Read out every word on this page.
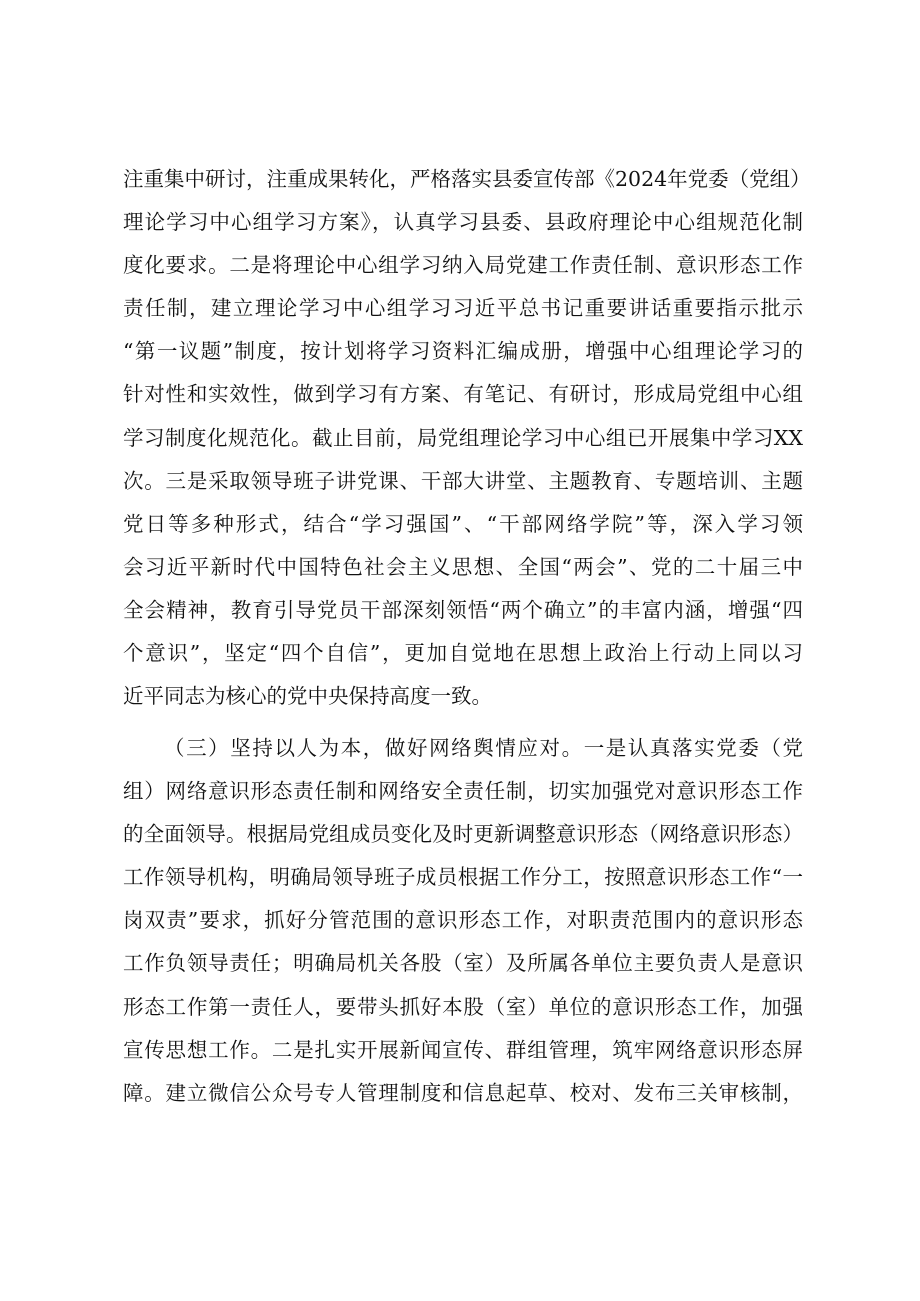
注重集中研讨，注重成果转化，严格落实县委宣传部《2024年党委（党组）
理论学习中心组学习方案》，认真学习县委、县政府理论中心组规范化制
度化要求。二是将理论中心组学习纳入局党建工作责任制、意识形态工作
责任制，建立理论学习中心组学习习近平总书记重要讲话重要指示批示
“第一议题”制度，按计划将学习资料汇编成册，增强中心组理论学习的
针对性和实效性，做到学习有方案、有笔记、有研讨，形成局党组中心组
学习制度化规范化。截止目前，局党组理论学习中心组已开展集中学习XX
次。三是采取领导班子讲党课、干部大讲堂、主题教育、专题培训、主题
党日等多种形式，结合“学习强国”、“干部网络学院”等，深入学习领
会习近平新时代中国特色社会主义思想、全国“两会”、党的二十届三中
全会精神，教育引导党员干部深刻领悟“两个确立”的丰富内涵，增强“四
个意识”，坚定“四个自信”，更加自觉地在思想上政治上行动上同以习
近平同志为核心的党中央保持高度一致。
（三）坚持以人为本，做好网络舆情应对。一是认真落实党委（党
组）网络意识形态责任制和网络安全责任制，切实加强党对意识形态工作
的全面领导。根据局党组成员变化及时更新调整意识形态（网络意识形态）
工作领导机构，明确局领导班子成员根据工作分工，按照意识形态工作“一
岗双责”要求，抓好分管范围的意识形态工作，对职责范围内的意识形态
工作负领导责任；明确局机关各股（室）及所属各单位主要负责人是意识
形态工作第一责任人，要带头抓好本股（室）单位的意识形态工作，加强
宣传思想工作。二是扎实开展新闻宣传、群组管理，筑牢网络意识形态屏
障。建立微信公众号专人管理制度和信息起草、校对、发布三关审核制，
